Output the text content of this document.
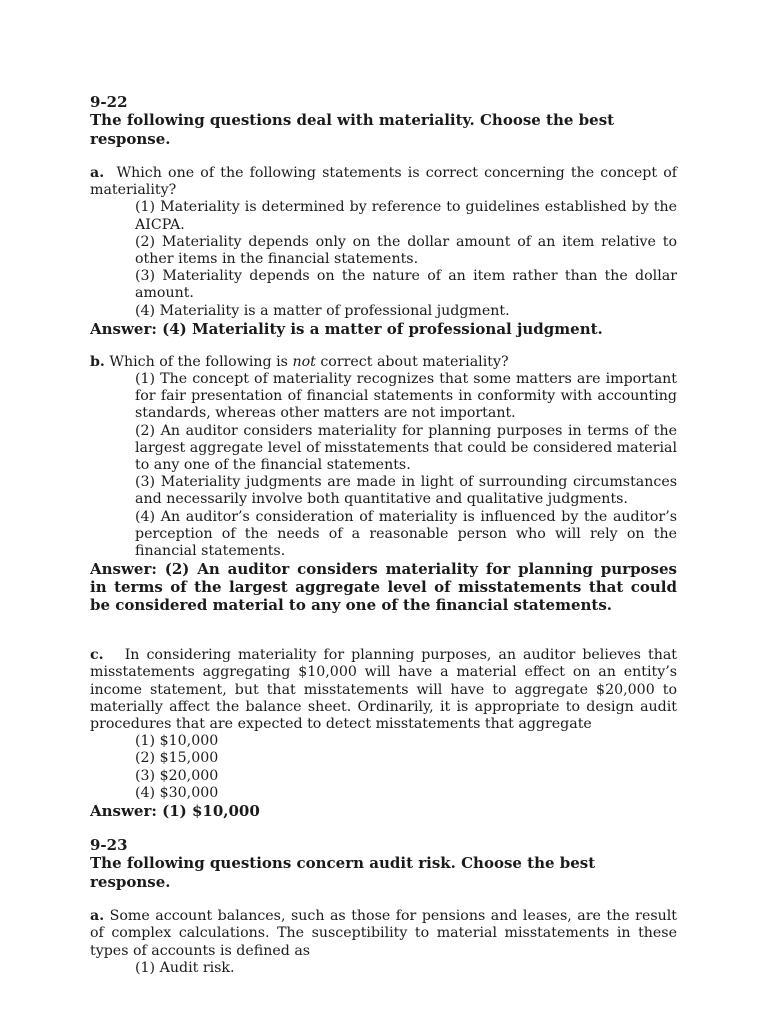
9-22
The following questions deal with materiality. Choose the best response.
a. Which one of the following statements is correct concerning the concept of materiality?
(1) Materiality is determined by reference to guidelines established by the AICPA.
(2) Materiality depends only on the dollar amount of an item relative to other items in the financial statements.
(3) Materiality depends on the nature of an item rather than the dollar amount.
(4) Materiality is a matter of professional judgment.
Answer: (4) Materiality is a matter of professional judgment.
b. Which of the following is not correct about materiality?
(1) The concept of materiality recognizes that some matters are important for fair presentation of financial statements in conformity with accounting standards, whereas other matters are not important.
(2) An auditor considers materiality for planning purposes in terms of the largest aggregate level of misstatements that could be considered material to any one of the financial statements.
(3) Materiality judgments are made in light of surrounding circumstances and necessarily involve both quantitative and qualitative judgments.
(4) An auditor’s consideration of materiality is influenced by the auditor’s perception of the needs of a reasonable person who will rely on the financial statements.
Answer: (2) An auditor considers materiality for planning purposes in terms of the largest aggregate level of misstatements that could be considered material to any one of the financial statements.
c. In considering materiality for planning purposes, an auditor believes that misstatements aggregating $10,000 will have a material effect on an entity’s income statement, but that misstatements will have to aggregate $20,000 to materially affect the balance sheet. Ordinarily, it is appropriate to design audit procedures that are expected to detect misstatements that aggregate
(1) $10,000
(2) $15,000
(3) $20,000
(4) $30,000
Answer: (1) $10,000
9-23
The following questions concern audit risk. Choose the best response.
a. Some account balances, such as those for pensions and leases, are the result of complex calculations. The susceptibility to material misstatements in these types of accounts is defined as
(1) Audit risk.
